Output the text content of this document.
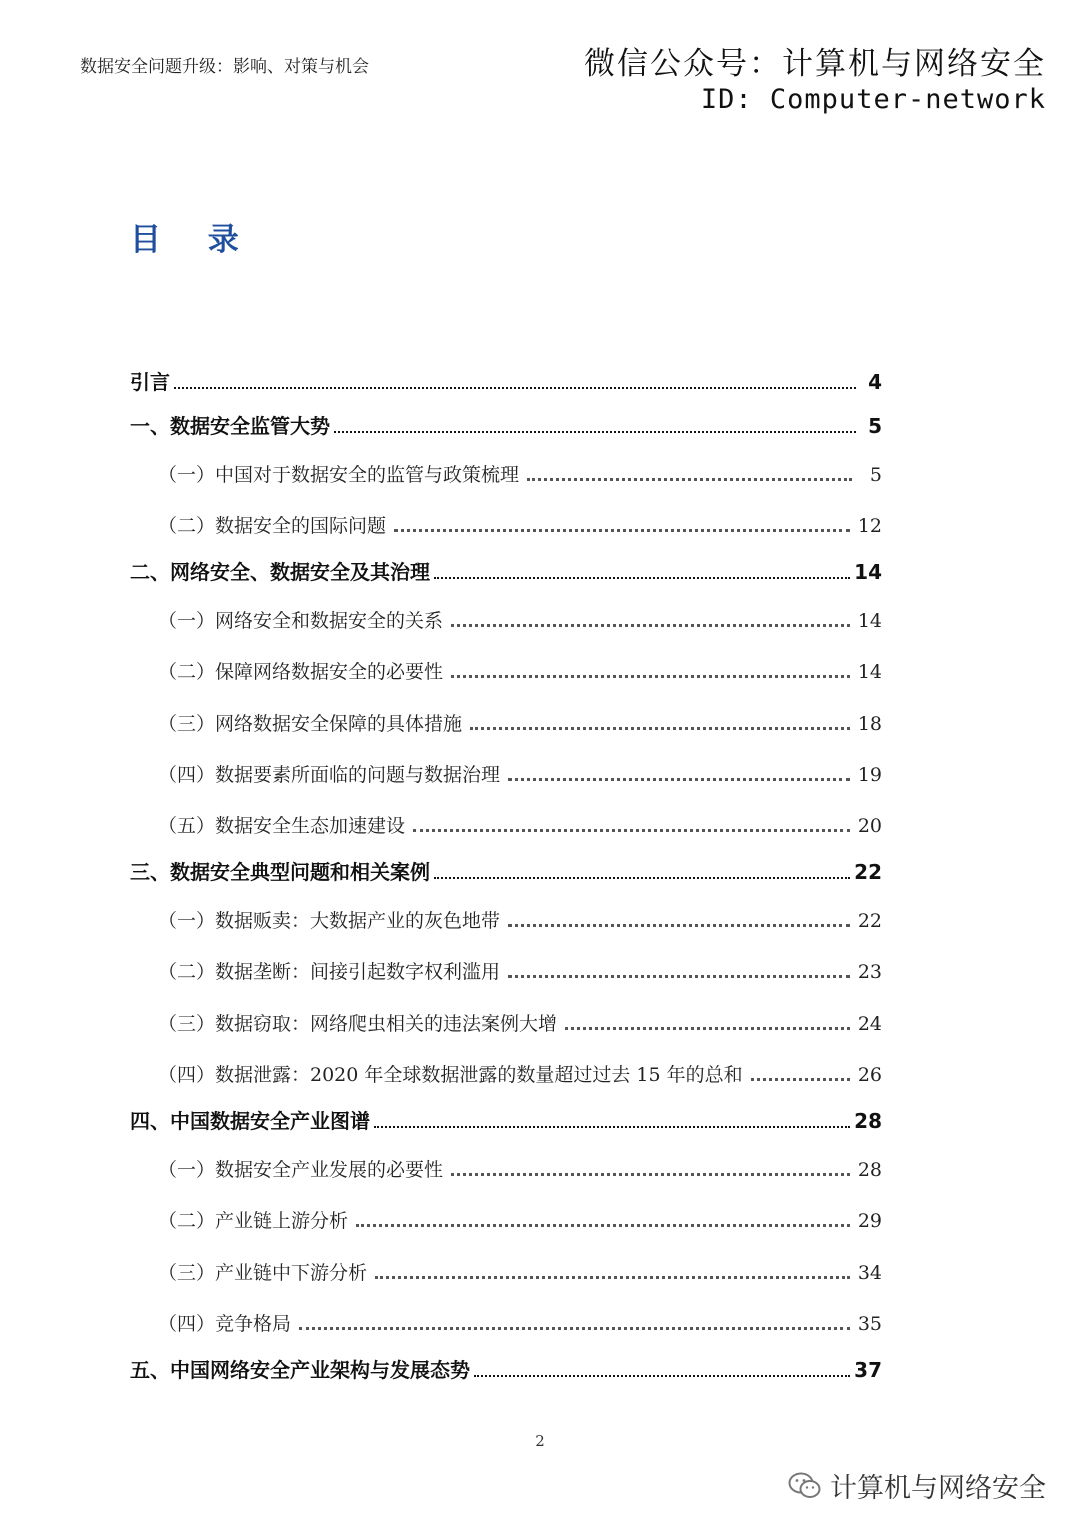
数据安全问题升级：影响、对策与机会	微信公众号：计算机与网络安全
ID: Computer-network
目 录
引言	4
一、数据安全监管大势	5
（一）中国对于数据安全的监管与政策梳理	5
（二）数据安全的国际问题	12
二、网络安全、数据安全及其治理	14
（一）网络安全和数据安全的关系	14
（二）保障网络数据安全的必要性	14
（三）网络数据安全保障的具体措施	18
（四）数据要素所面临的问题与数据治理	19
（五）数据安全生态加速建设	20
三、数据安全典型问题和相关案例	22
（一）数据贩卖：大数据产业的灰色地带	22
（二）数据垄断：间接引起数字权利滥用	23
（三）数据窃取：网络爬虫相关的违法案例大增	24
（四）数据泄露：2020 年全球数据泄露的数量超过过去 15 年的总和	26
四、中国数据安全产业图谱	28
（一）数据安全产业发展的必要性	28
（二）产业链上游分析	29
（三）产业链中下游分析	34
（四）竞争格局	35
五、中国网络安全产业架构与发展态势	37
2
计算机与网络安全
